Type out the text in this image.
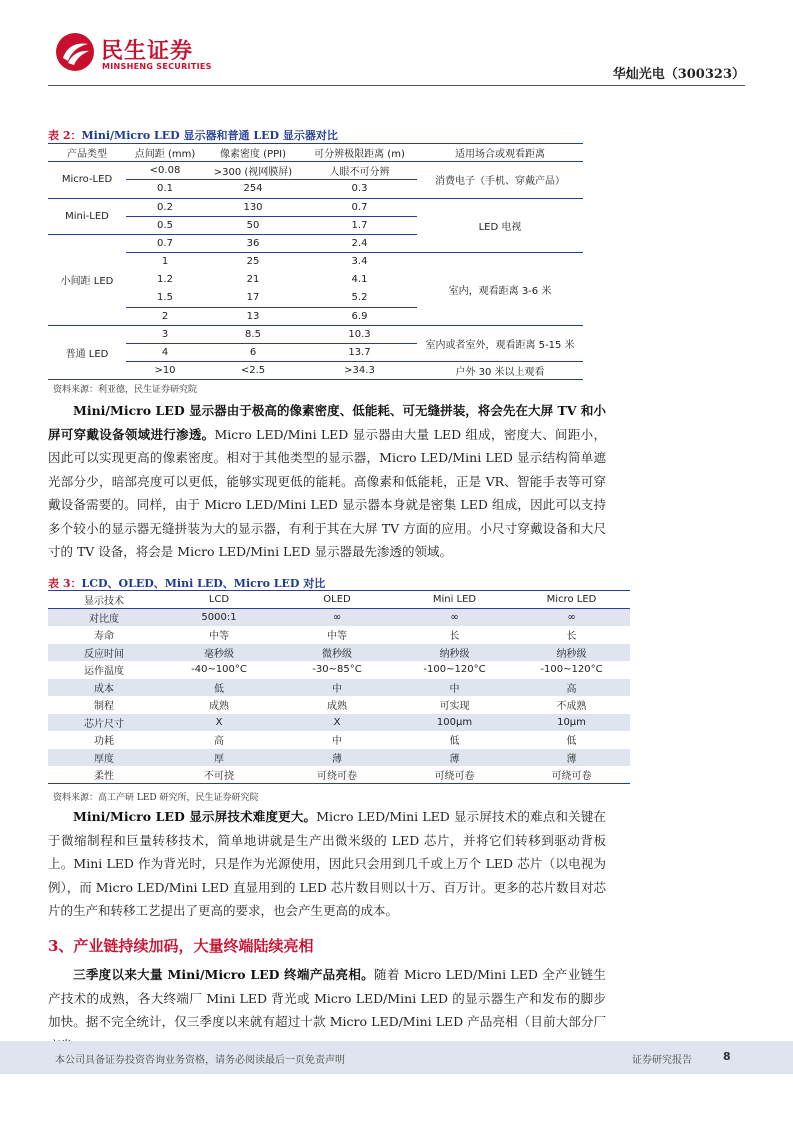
民生证券
MINSHENG SECURITIES
华灿光电（300323）
表 2：Mini/Micro LED 显示器和普通 LED 显示器对比
产品类型	点间距 (mm)	像素密度 (PPI)	可分辨极限距离 (m)	适用场合或观看距离
Micro-LED	<0.08	>300 (视网膜屏)	人眼不可分辨	消费电子（手机、穿戴产品）
	0.1	254	0.3	
Mini-LED	0.2	130	0.7	LED 电视
	0.5	50	1.7	
小间距 LED	0.7	36	2.4	
	1	25	3.4	室内，观看距离 3-6 米
	1.2	21	4.1	
	1.5	17	5.2	
	2	13	6.9	
普通 LED	3	8.5	10.3	室内或者室外，观看距离 5-15 米
	4	6	13.7	
	>10	<2.5	>34.3	户外 30 米以上观看
资料来源：利亚德，民生证券研究院
Mini/Micro LED 显示器由于极高的像素密度、低能耗、可无缝拼装，将会先在大屏 TV 和小屏可穿戴设备领域进行渗透。Micro LED/Mini LED 显示器由大量 LED 组成，密度大、间距小，因此可以实现更高的像素密度。相对于其他类型的显示器，Micro LED/Mini LED 显示结构简单遮光部分少，暗部亮度可以更低，能够实现更低的能耗。高像素和低能耗，正是 VR、智能手表等可穿戴设备需要的。同样，由于 Micro LED/Mini LED 显示器本身就是密集 LED 组成，因此可以支持多个较小的显示器无缝拼装为大的显示器，有利于其在大屏 TV 方面的应用。小尺寸穿戴设备和大尺寸的 TV 设备，将会是 Micro LED/Mini LED 显示器最先渗透的领域。
表 3：LCD、OLED、Mini LED、Micro LED 对比
显示技术	LCD	OLED	Mini LED	Micro LED
对比度	5000:1	∞	∞	∞
寿命	中等	中等	长	长
反应时间	毫秒级	微秒级	纳秒级	纳秒级
运作温度	-40~100°C	-30~85°C	-100~120°C	-100~120°C
成本	低	中	中	高
制程	成熟	成熟	可实现	不成熟
芯片尺寸	X	X	100μm	10μm
功耗	高	中	低	低
厚度	厚	薄	薄	薄
柔性	不可挠	可绕可卷	可绕可卷	可绕可卷
资料来源：高工产研 LED 研究所，民生证券研究院
Mini/Micro LED 显示屏技术难度更大。Micro LED/Mini LED 显示屏技术的难点和关键在于微缩制程和巨量转移技术，简单地讲就是生产出微米级的 LED 芯片，并将它们转移到驱动背板上。Mini LED 作为背光时，只是作为光源使用，因此只会用到几千或上万个 LED 芯片（以电视为例），而 Micro LED/Mini LED 直显用到的 LED 芯片数目则以十万、百万计。更多的芯片数目对芯片的生产和转移工艺提出了更高的要求，也会产生更高的成本。
3、产业链持续加码，大量终端陆续亮相
三季度以来大量 Mini/Micro LED 终端产品亮相。随着 Micro LED/Mini LED 全产业链生产技术的成熟，各大终端厂 Mini LED 背光或 Micro LED/Mini LED 的显示器生产和发布的脚步加快。据不完全统计，仅三季度以来就有超过十款 Micro LED/Mini LED 产品亮相（目前大部分厂
本公司具备证券投资咨询业务资格，请务必阅读最后一页免责声明	证券研究报告	8
